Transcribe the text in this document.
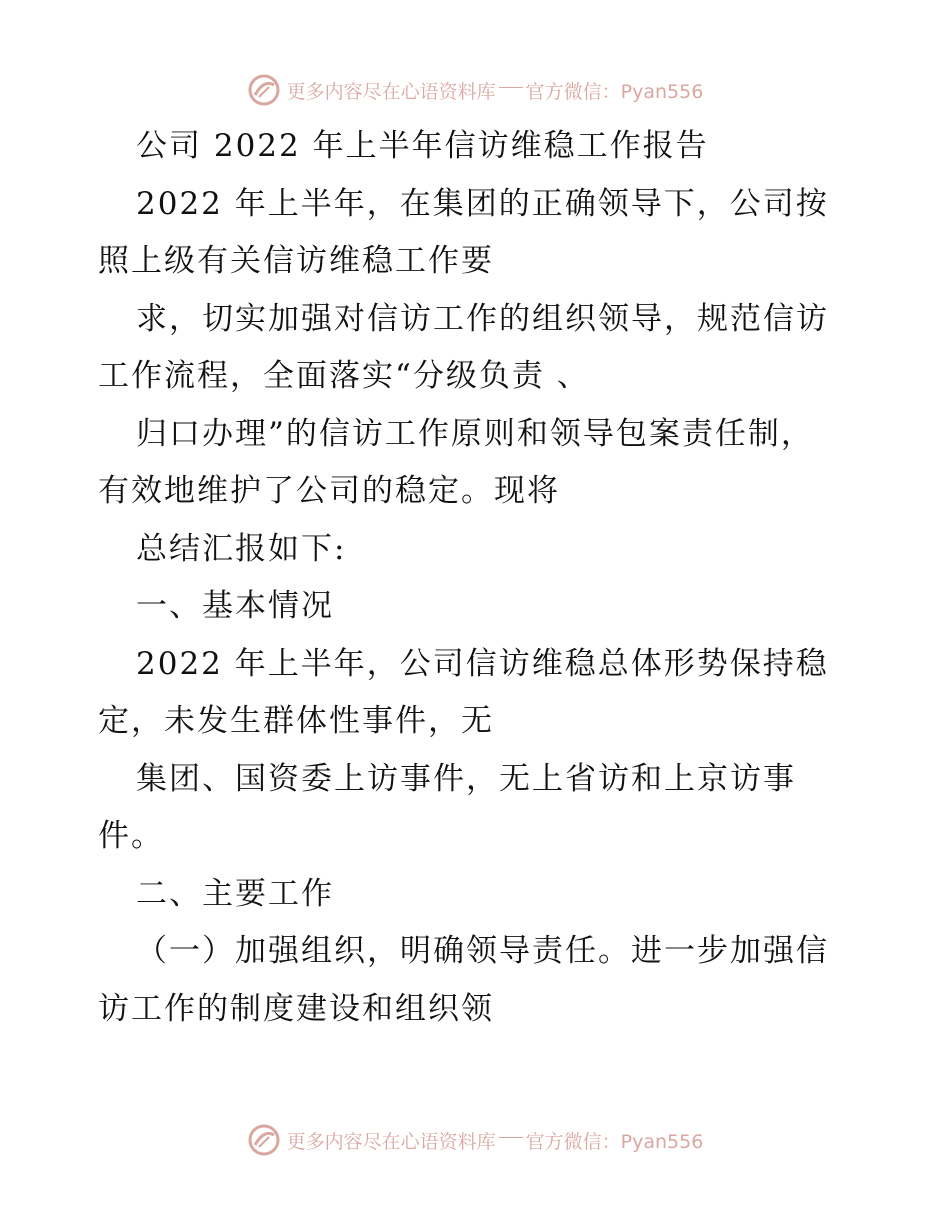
更多内容尽在心语资料库 官方微信：Pyan556
公司 2022 年上半年信访维稳工作报告
2022 年上半年，在集团的正确领导下，公司按
照上级有关信访维稳工作要
求，切实加强对信访工作的组织领导，规范信访
工作流程，全面落实“分级负责 、
归口办理”的信访工作原则和领导包案责任制，
有效地维护了公司的稳定。现将
总结汇报如下:
一、基本情况
2022 年上半年，公司信访维稳总体形势保持稳
定，未发生群体性事件，无
集团、国资委上访事件，无上省访和上京访事
件。
二、主要工作
（一）加强组织，明确领导责任。进一步加强信
访工作的制度建设和组织领
更多内容尽在心语资料库 官方微信：Pyan556
